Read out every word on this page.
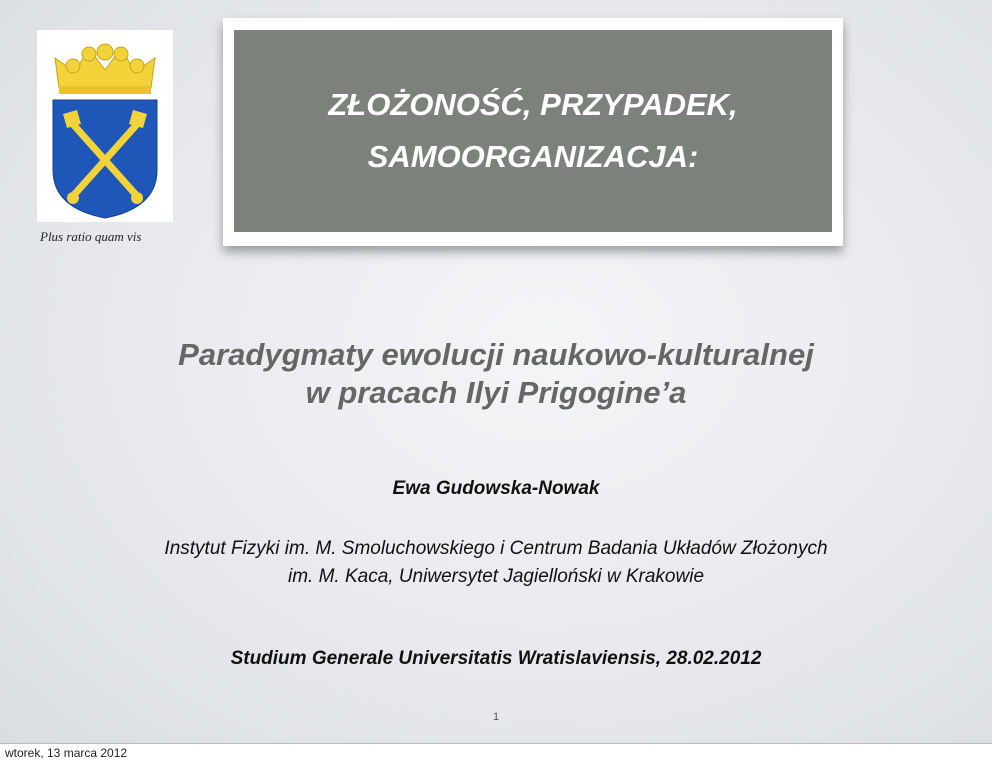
Plus ratio quam vis
ZŁOŻONOŚĆ, PRZYPADEK,
SAMOORGANIZACJA:
Paradygmaty ewolucji naukowo-kulturalnej
w pracach Ilyi Prigogine’a
Ewa Gudowska-Nowak
Instytut Fizyki im. M. Smoluchowskiego i Centrum Badania Układów Złożonych
im. M. Kaca, Uniwersytet Jagielloński w Krakowie
Studium Generale Universitatis Wratislaviensis, 28.02.2012
1
wtorek, 13 marca 2012
